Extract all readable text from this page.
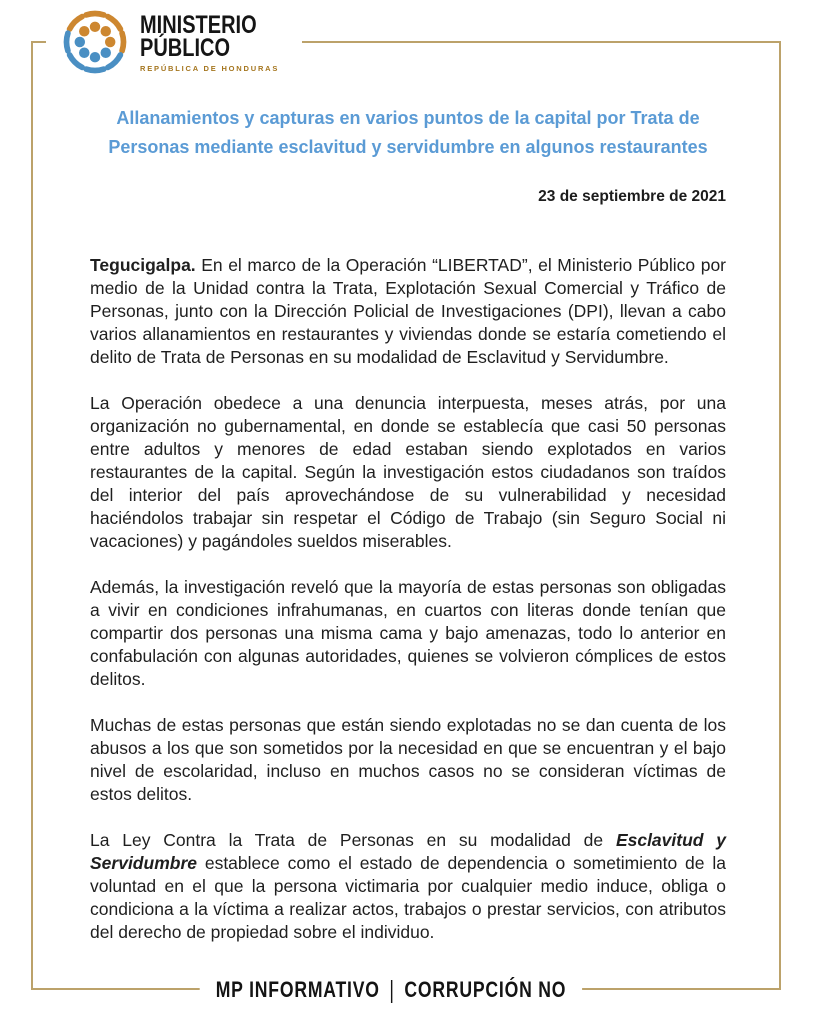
MINISTERIO
PÚBLICO
REPÚBLICA DE HONDURAS
Allanamientos y capturas en varios puntos de la capital por Trata de Personas mediante esclavitud y servidumbre en algunos restaurantes
23 de septiembre de 2021

Tegucigalpa. En el marco de la Operación “LIBERTAD”, el Ministerio Público por medio de la Unidad contra la Trata, Explotación Sexual Comercial y Tráfico de Personas, junto con la Dirección Policial de Investigaciones (DPI), llevan a cabo varios allanamientos en restaurantes y viviendas donde se estaría cometiendo el delito de Trata de Personas en su modalidad de Esclavitud y Servidumbre.

La Operación obedece a una denuncia interpuesta, meses atrás, por una organización no gubernamental, en donde se establecía que casi 50 personas entre adultos y menores de edad estaban siendo explotados en varios restaurantes de la capital. Según la investigación estos ciudadanos son traídos del interior del país aprovechándose de su vulnerabilidad y necesidad haciéndolos trabajar sin respetar el Código de Trabajo (sin Seguro Social ni vacaciones) y pagándoles sueldos miserables.

Además, la investigación reveló que la mayoría de estas personas son obligadas a vivir en condiciones infrahumanas, en cuartos con literas donde tenían que compartir dos personas una misma cama y bajo amenazas, todo lo anterior en confabulación con algunas autoridades, quienes se volvieron cómplices de estos delitos.

Muchas de estas personas que están siendo explotadas no se dan cuenta de los abusos a los que son sometidos por la necesidad en que se encuentran y el bajo nivel de escolaridad, incluso en muchos casos no se consideran víctimas de estos delitos.

La Ley Contra la Trata de Personas en su modalidad de Esclavitud y Servidumbre establece como el estado de dependencia o sometimiento de la voluntad en el que la persona victimaria por cualquier medio induce, obliga o condiciona a la víctima a realizar actos, trabajos o prestar servicios, con atributos del derecho de propiedad sobre el individuo.

MP INFORMATIVO | CORRUPCIÓN NO
